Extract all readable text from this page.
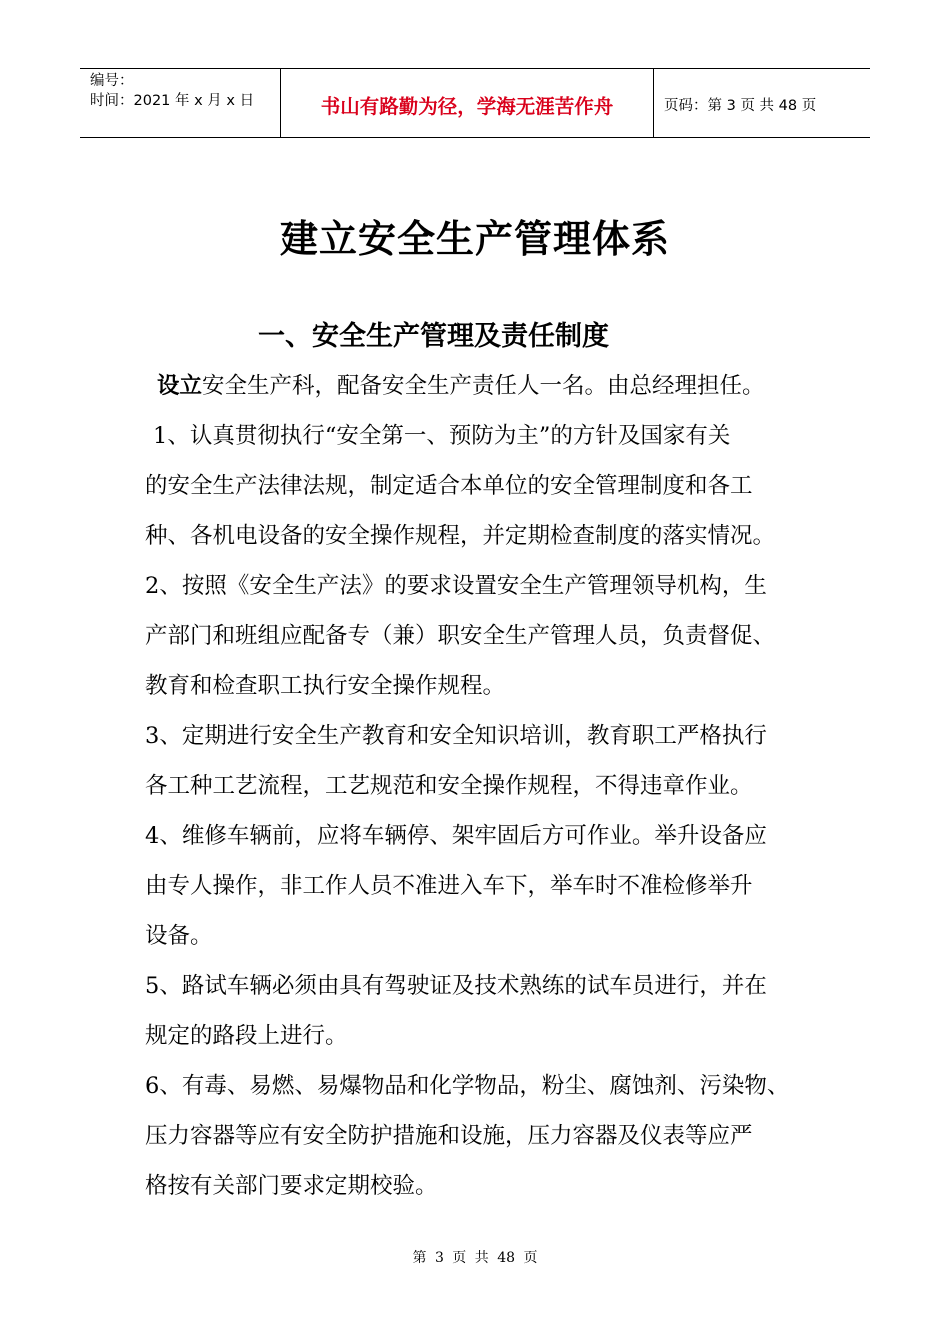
编号：
时间：2021 年 x 月 x 日	书山有路勤为径，学海无涯苦作舟	页码：第 3 页 共 48 页
建立安全生产管理体系
一、安全生产管理及责任制度
设立安全生产科，配备安全生产责任人一名。由总经理担任。
1、认真贯彻执行“安全第一、预防为主”的方针及国家有关
的安全生产法律法规，制定适合本单位的安全管理制度和各工
种、各机电设备的安全操作规程，并定期检查制度的落实情况。
2、按照《安全生产法》的要求设置安全生产管理领导机构，生
产部门和班组应配备专（兼）职安全生产管理人员，负责督促、
教育和检查职工执行安全操作规程。
3、定期进行安全生产教育和安全知识培训，教育职工严格执行
各工种工艺流程，工艺规范和安全操作规程，不得违章作业。
4、维修车辆前，应将车辆停、架牢固后方可作业。举升设备应
由专人操作，非工作人员不准进入车下，举车时不准检修举升
设备。
5、路试车辆必须由具有驾驶证及技术熟练的试车员进行，并在
规定的路段上进行。
6、有毒、易燃、易爆物品和化学物品，粉尘、腐蚀剂、污染物、
压力容器等应有安全防护措施和设施，压力容器及仪表等应严
格按有关部门要求定期校验。
第 3 页 共 48 页
